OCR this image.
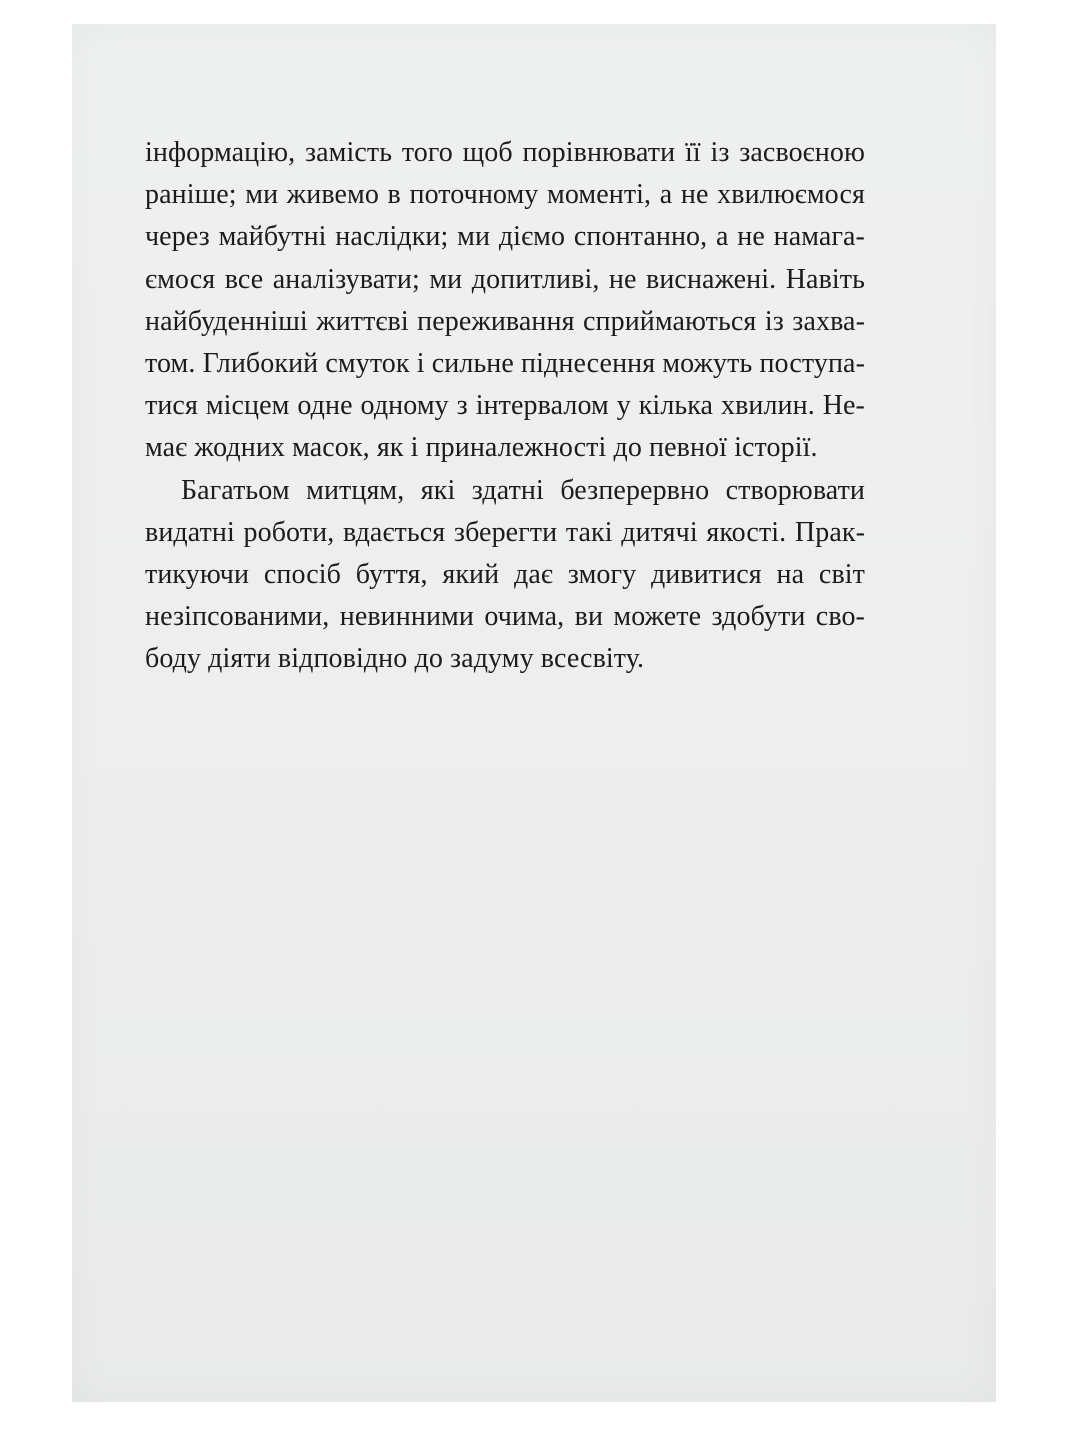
інформацію, замість того щоб порівнювати її із засвоєною
раніше; ми живемо в поточному моменті, а не хвилюємося
через майбутні наслідки; ми діємо спонтанно, а не намага-
ємося все аналізувати; ми допитливі, не виснажені. Навіть
найбуденніші життєві переживання сприймаються із захва-
том. Глибокий смуток і сильне піднесення можуть поступа-
тися місцем одне одному з інтервалом у кілька хвилин. Не-
має жодних масок, як і приналежності до певної історії.
Багатьом митцям, які здатні безперервно створювати
видатні роботи, вдається зберегти такі дитячі якості. Прак-
тикуючи спосіб буття, який дає змогу дивитися на світ
незіпсованими, невинними очима, ви можете здобути сво-
боду діяти відповідно до задуму всесвіту.
